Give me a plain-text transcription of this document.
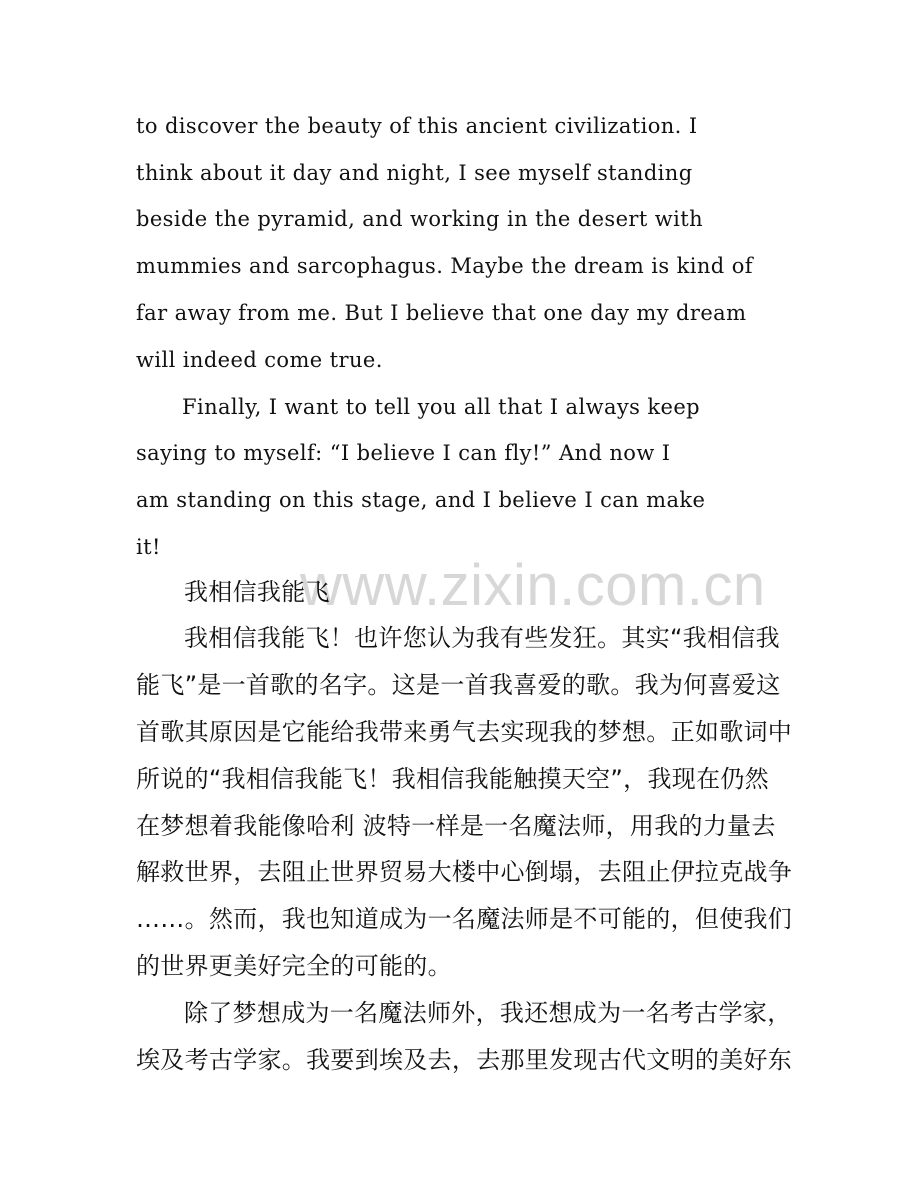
www.zixin.com.cn
to discover the beauty of this ancient civilization. I
think about it day and night, I see myself standing
beside the pyramid, and working in the desert with
mummies and sarcophagus. Maybe the dream is kind of
far away from me. But I believe that one day my dream
will indeed come true.
Finally, I want to tell you all that I always keep
saying to myself: “I believe I can fly!” And now I
am standing on this stage, and I believe I can make
it!
我相信我能飞
我相信我能飞！也许您认为我有些发狂。其实“我相信我
能飞”是一首歌的名字。这是一首我喜爱的歌。我为何喜爱这
首歌其原因是它能给我带来勇气去实现我的梦想。正如歌词中
所说的“我相信我能飞！我相信我能触摸天空”，我现在仍然
在梦想着我能像哈利 波特一样是一名魔法师，用我的力量去
解救世界，去阻止世界贸易大楼中心倒塌，去阻止伊拉克战争
……。然而，我也知道成为一名魔法师是不可能的，但使我们
的世界更美好完全的可能的。
除了梦想成为一名魔法师外，我还想成为一名考古学家，
埃及考古学家。我要到埃及去，去那里发现古代文明的美好东
